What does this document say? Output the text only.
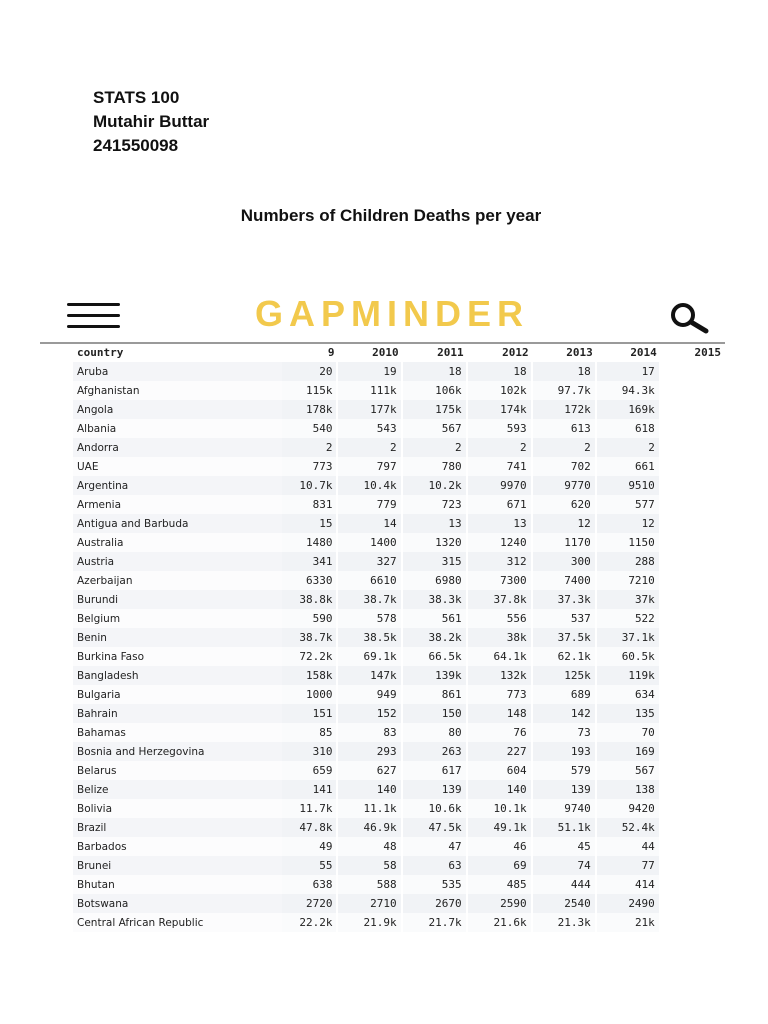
STATS 100
Mutahir Buttar
241550098
Numbers of Children Deaths per year
GAPMINDER
country	9	2010	2011	2012	2013	2014	2015
Aruba	20	19	18	18	18	17	
Afghanistan	115k	111k	106k	102k	97.7k	94.3k	
Angola	178k	177k	175k	174k	172k	169k	
Albania	540	543	567	593	613	618	
Andorra	2	2	2	2	2	2	
UAE	773	797	780	741	702	661	
Argentina	10.7k	10.4k	10.2k	9970	9770	9510	
Armenia	831	779	723	671	620	577	
Antigua and Barbuda	15	14	13	13	12	12	
Australia	1480	1400	1320	1240	1170	1150	
Austria	341	327	315	312	300	288	
Azerbaijan	6330	6610	6980	7300	7400	7210	
Burundi	38.8k	38.7k	38.3k	37.8k	37.3k	37k	
Belgium	590	578	561	556	537	522	
Benin	38.7k	38.5k	38.2k	38k	37.5k	37.1k	
Burkina Faso	72.2k	69.1k	66.5k	64.1k	62.1k	60.5k	
Bangladesh	158k	147k	139k	132k	125k	119k	
Bulgaria	1000	949	861	773	689	634	
Bahrain	151	152	150	148	142	135	
Bahamas	85	83	80	76	73	70	
Bosnia and Herzegovina	310	293	263	227	193	169	
Belarus	659	627	617	604	579	567	
Belize	141	140	139	140	139	138	
Bolivia	11.7k	11.1k	10.6k	10.1k	9740	9420	
Brazil	47.8k	46.9k	47.5k	49.1k	51.1k	52.4k	
Barbados	49	48	47	46	45	44	
Brunei	55	58	63	69	74	77	
Bhutan	638	588	535	485	444	414	
Botswana	2720	2710	2670	2590	2540	2490	
Central African Republic	22.2k	21.9k	21.7k	21.6k	21.3k	21k	
